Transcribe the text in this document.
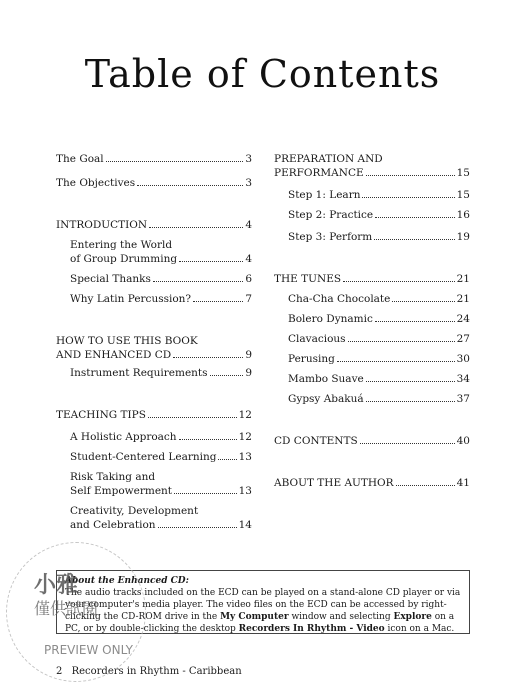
Table of Contents
The Goal	3
The Objectives	3
INTRODUCTION	4
Entering the World
of Group Drumming	4
Special Thanks	6
Why Latin Percussion?	7
HOW TO USE THIS BOOK
AND ENHANCED CD	9
Instrument Requirements	9
TEACHING TIPS	12
A Holistic Approach	12
Student-Centered Learning 13
Risk Taking and
Self Empowerment	13
Creativity, Development
and Celebration	14
PREPARATION AND
PERFORMANCE	15
Step 1: Learn	15
Step 2: Practice	16
Step 3: Perform	19
THE TUNES	21
Cha-Cha Chocolate	21
Bolero Dynamic	24
Clavacious	27
Perusing	30
Mambo Suave	34
Gypsy Abakuá	37
CD CONTENTS	40
ABOUT THE AUTHOR	41
About the Enhanced CD:
The audio tracks included on the ECD can be played on a stand-alone CD player or via your computer's media player. The video files on the ECD can be accessed by right-clicking the CD-ROM drive in the My Computer window and selecting Explore on a PC, or by double-clicking the desktop Recorders In Rhythm - Video icon on a Mac.
2 Recorders in Rhythm - Caribbean
小雅
僅供試閱
PREVIEW ONLY
